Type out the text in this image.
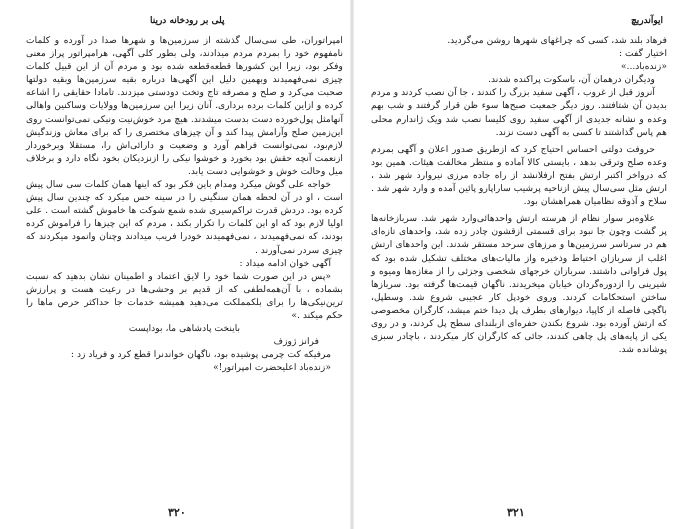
ایوآندریچ

فرهاد بلند شد، کسی که چراغهای شهرها روشن می‌گردید.

اختیار گفت :

«زنده‌باد...»

وديگران درهمان آن، باسکوت پراکنده شدند.

آنروز قبل از غروب ، آگهی سفید بزرگ را کندند ، جا آن نصب کردند و مردم بدیدن آن شتافتند. روز دیگر جمعیت صبح‌ها سوء ظن قرار گرفتند و شب بهم وعده و نشانه جدیدی از آگهی سفید روی کلیسا نصب شد ویک ژاندارم محلی هم پاس گذاشتند تا کسی به آگهی دست نزند.

حروفت دولتی احساس احتیاج کرد که ازطریق صدور اعلان و آگهی بمردم وعده صلح وترقی بدهد ، بایستی کالا آماده و منتظر مخالفت هیئات. همین بود که درواخر اکتبر ارتش بفتح ارفلانشد از راه جاده مرزی نیروارد شهر شد ، ارتش مثل سی‌سال پیش ازناحیه پرشیب ساراپارو پائین آمده و وارد شهر شد . سلاح و آذوقه نظامیان همراهشان بود.

علاوه‌بر سوار نظام از هرسته ارتش واحدهائی‌وارد شهر شد. سربازخانه‌ها پر گشت وچون جا نبود برای قسمتی ازقشون چادر زده شد، واحدهای تازه‌ای هم در سرتاسر سرزمین‌ها و مرزهای سرحد مستقر شدند. این واحدهای ارتش اغلب از سربازان احتیاط وذخیره واز مالیات‌های مختلف تشکیل شده بود که پول فراوانی داشتند. سربازان خرجهای شخصی وجزئی را از مغازه‌ها ومیوه و شیرینی را ازدوره‌گردان خیابان میخریدند. ناگهان قیمت‌ها گرفته بود. سربازها ساختن استحکامات کردند. وروی خودپل کار عجیبی شروع شد. وسطپل، باگچی فاصله از کاپیا، دیوارهای بطرف پل دیدا ختم میشد، کارگران مخصوصی که ارتش آورده بود. شروع بکندن حفره‌ای ازبلندای سطح پل کردند، و در روی یکی از پایه‌های پل چاهی کندند، جائی که کارگران کار میکردند ، باچادر سبزی پوشانده شد.

۳۲۱
پلی بر رودخانه درینا

امپراتوران، طی سی‌سال گذشته از سرزمین‌ها و شهرها صدا در آورده و کلمات نامفهوم خود را بمردم مردم میدادند، ولی بطور کلی آگهی، هرامپراتور پراز معنی وفکر بود، زیرا این کشورها قطعه‌قطعه شده بود و مردم آن از این قبیل کلمات چیزی نمی‌فهمیدند وبهمین دلیل این آگهی‌ها درباره بقیه سرزمین‌ها وبقیه دولتها صحبت می‌کرد و صلح و مصرفه تاج وتخت دودستی میزدند. تامادا حقایقی را اشاعه کرده و ازاین کلمات برده برداری. آنان زیرا این سرزمین‌ها وولایات وساکنین واهالی آنهامثل پول‌خورده دست بدست میشدند. هیچ مرد خوش‌نیت ونیکی نمی‌توانست روی این‌زمین صلح وآرامش پیدا کند و آن چیزهای مختصری را که برای معاش وزندگیش لازم‌بود، نمی‌توانست فراهم آورد و وضعیت و دارائی‌اش را، مستقلا وبرخوردار ازنعمت آنچه حقش بود بخورد و خوشوا نیکی را ازنزدیکان بخود نگاه دارد و برخلاف میل وحالت خوش و خوشوایی دست یابد.

خواجه علی گوش میکرد ومدام باین فکر بود که اینها همان کلمات سی سال پیش است ، او در آن لحظه همان سنگینی را در سینه حس میکرد که چندین سال پیش کرده بود. دردش قدرت تراکم‌سیری شده شمع شوکت ها خاموش گشته است . علی اولیا لازم بود که او این کلمات را تکرار بکند ، مردم که این چیزها را فراموش کرده بودند، که نمی‌فهمیدند ، نمی‌فهمیدند خودرا فریب میدادند وچنان وانمود میکردند که چیزی سردر نمی‌آورند .

آگهی خوان ادامه میداد :

«پس در این صورت شما خود را لایق اعتماد و اطمینان نشان بدهید که نسبت بشماده ، با آن‌همه‌لطفی که از قدیم بر وحشی‌ها در رعیت هست و پرارزش ترین‌نیکی‌ها را برای بلکمملکت می‌دهید همیشه خدمات جا حداکثر حرص ماها را حکم میکند .»

باینخت پادشاهی ما، بوداپست

فرانز ژوزف

مرفیکه کت چرمی پوشیده بود، ناگهان خواندنرا قطع کرد و فریاد زد :

«زنده‌باد اعلیحضرت امپراتور!»

۳۲۰
